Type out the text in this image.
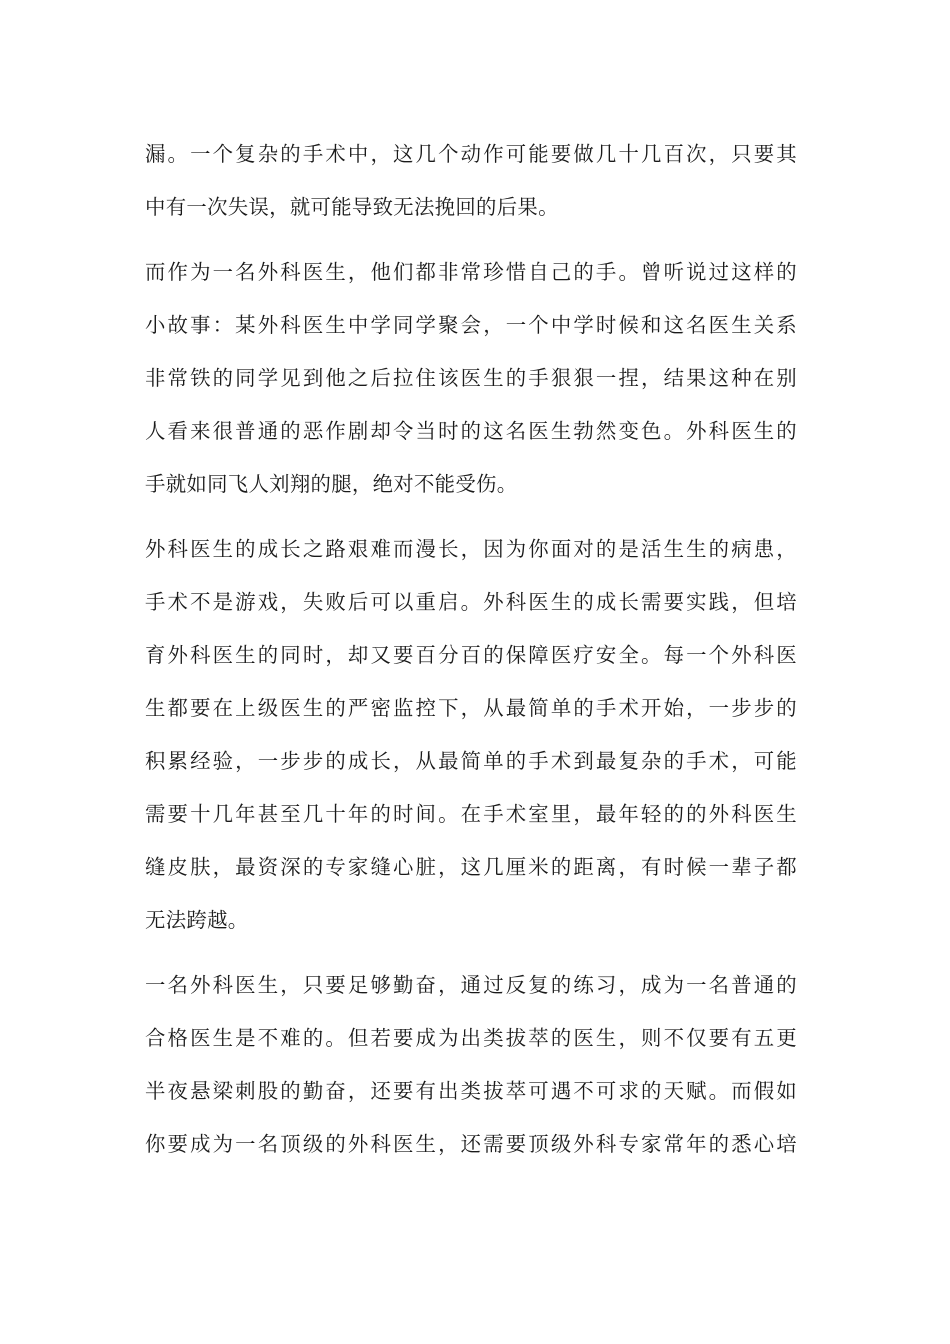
漏。一个复杂的手术中，这几个动作可能要做几十几百次，只要其
中有一次失误，就可能导致无法挽回的后果。
而作为一名外科医生，他们都非常珍惜自己的手。曾听说过这样的
小故事：某外科医生中学同学聚会，一个中学时候和这名医生关系
非常铁的同学见到他之后拉住该医生的手狠狠一捏，结果这种在别
人看来很普通的恶作剧却令当时的这名医生勃然变色。外科医生的
手就如同飞人刘翔的腿，绝对不能受伤。
外科医生的成长之路艰难而漫长，因为你面对的是活生生的病患，
手术不是游戏，失败后可以重启。外科医生的成长需要实践，但培
育外科医生的同时，却又要百分百的保障医疗安全。每一个外科医
生都要在上级医生的严密监控下，从最简单的手术开始，一步步的
积累经验，一步步的成长，从最简单的手术到最复杂的手术，可能
需要十几年甚至几十年的时间。在手术室里，最年轻的的外科医生
缝皮肤，最资深的专家缝心脏，这几厘米的距离，有时候一辈子都
无法跨越。
一名外科医生，只要足够勤奋，通过反复的练习，成为一名普通的
合格医生是不难的。但若要成为出类拔萃的医生，则不仅要有五更
半夜悬梁刺股的勤奋，还要有出类拔萃可遇不可求的天赋。而假如
你要成为一名顶级的外科医生，还需要顶级外科专家常年的悉心培
